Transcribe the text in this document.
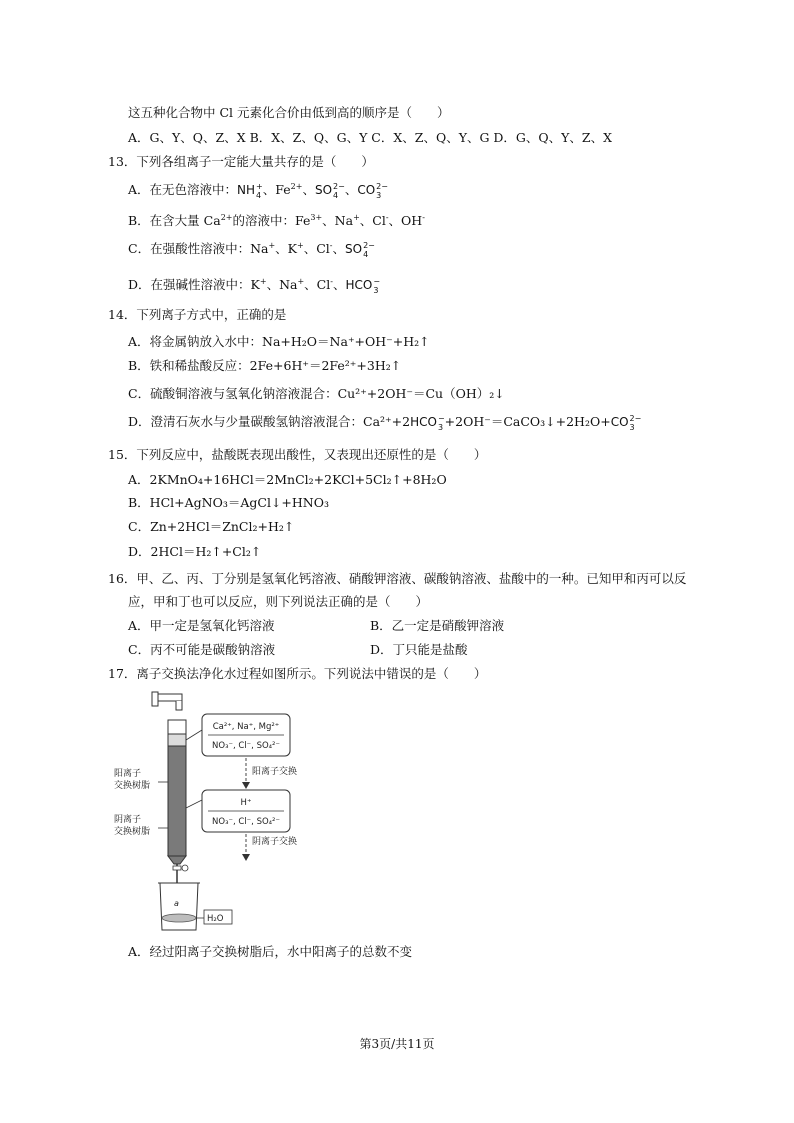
这五种化合物中 Cl 元素化合价由低到高的顺序是（　　）
A．G、Y、Q、Z、X B．X、Z、Q、G、Y C．X、Z、Q、Y、G D．G、Q、Y、Z、X
13．下列各组离子一定能大量共存的是（　　）
A．在无色溶液中：NH +
4 、$Fe^{2+}$、SO 2−
4 、CO 2−
3
B．在含大量 $Ca^{2+}$的溶液中：$Fe^{3+}$、Na+、Cl-、OH-
C．在强酸性溶液中：Na+、K+、Cl-、SO 2−
4
D．在强碱性溶液中：K+、Na+、Cl-、HCO −
3
14．下列离子方式中，正确的是
A．将金属钠放入水中：Na+H₂O＝Na⁺+OH⁻+H₂↑
B．铁和稀盐酸反应：2Fe+6H⁺＝2Fe²⁺+3H₂↑
C．硫酸铜溶液与氢氧化钠溶液混合：Cu²⁺+2OH⁻＝Cu（OH）₂↓
D．澄清石灰水与少量碳酸氢钠溶液混合：Ca²⁺+2HCO −
3 +2OH⁻＝CaCO₃↓+2H₂O+CO 2−
3
15．下列反应中，盐酸既表现出酸性，又表现出还原性的是（　　）
A．2KMnO₄+16HCl＝2MnCl₂+2KCl+5Cl₂↑+8H₂O
B．HCl+AgNO₃＝AgCl↓+HNO₃
C．Zn+2HCl＝ZnCl₂+H₂↑
D．2HCl＝H₂↑+Cl₂↑
16．甲、乙、丙、丁分别是氢氧化钙溶液、硝酸钾溶液、碳酸钠溶液、盐酸中的一种。已知甲和丙可以反
应，甲和丁也可以反应，则下列说法正确的是（　　）
A．甲一定是氢氧化钙溶液	B．乙一定是硝酸钾溶液
C．丙不可能是碳酸钠溶液	D．丁只能是盐酸
17．离子交换法净化水过程如图所示。下列说法中错误的是（　　）
a
H₂O
阳离子
交换树脂
阴离子
交换树脂
Ca²⁺, Na⁺, Mg²⁺
NO₃⁻, Cl⁻, SO₄²⁻
阳离子交换
H⁺
NO₃⁻, Cl⁻, SO₄²⁻
阴离子交换
A．经过阳离子交换树脂后，水中阳离子的总数不变
第3页/共11页
